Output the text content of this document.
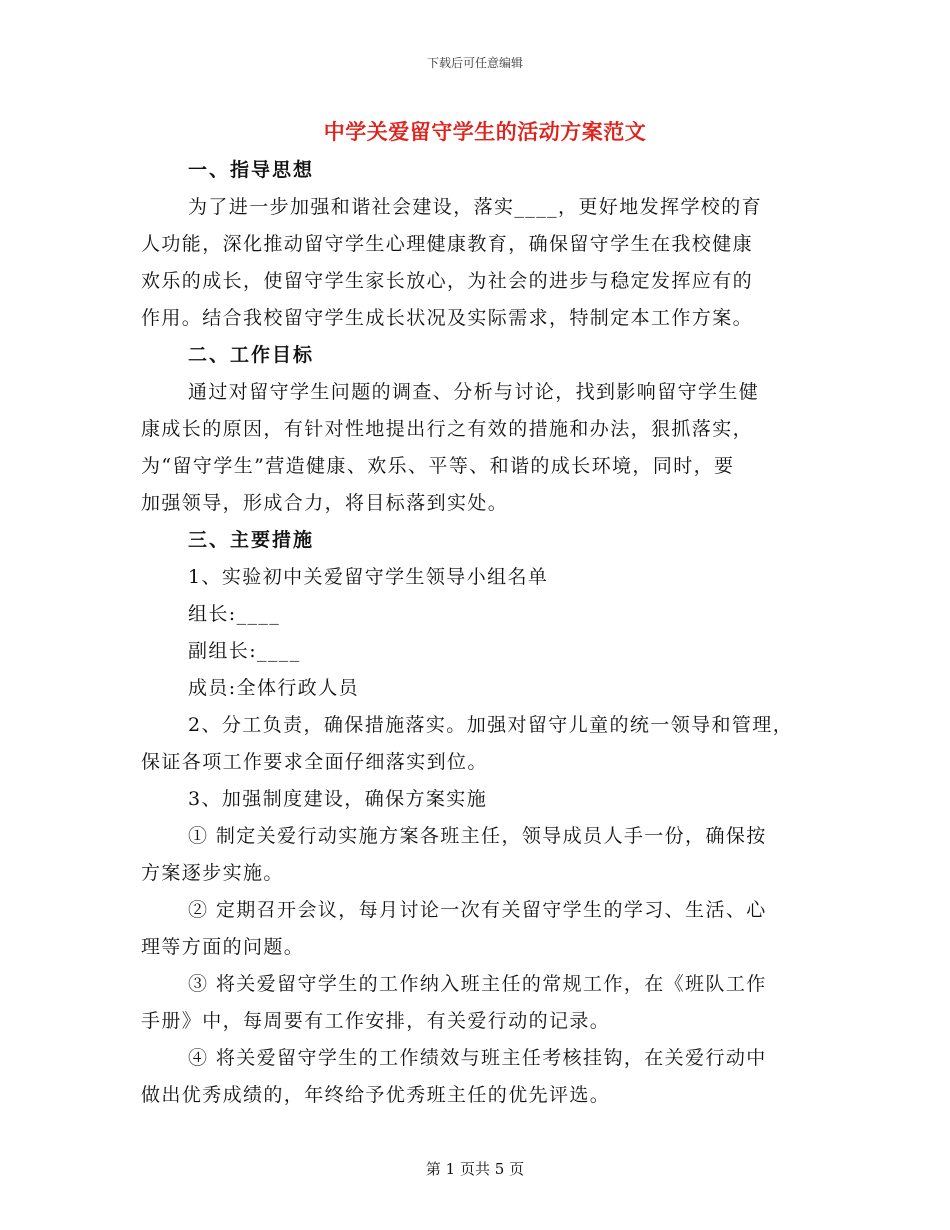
下载后可任意编辑
中学关爱留守学生的活动方案范文
一、指导思想
为了进一步加强和谐社会建设，落实____，更好地发挥学校的育
人功能，深化推动留守学生心理健康教育，确保留守学生在我校健康
欢乐的成长，使留守学生家长放心，为社会的进步与稳定发挥应有的
作用。结合我校留守学生成长状况及实际需求，特制定本工作方案。
二、工作目标
通过对留守学生问题的调查、分析与讨论，找到影响留守学生健
康成长的原因，有针对性地提出行之有效的措施和办法，狠抓落实，
为“留守学生”营造健康、欢乐、平等、和谐的成长环境，同时，要
加强领导，形成合力，将目标落到实处。
三、主要措施
1、实验初中关爱留守学生领导小组名单
组长:____
副组长:____
成员:全体行政人员
2、分工负责，确保措施落实。加强对留守儿童的统一领导和管理，
保证各项工作要求全面仔细落实到位。
3、加强制度建设，确保方案实施
① 制定关爱行动实施方案各班主任，领导成员人手一份，确保按
方案逐步实施。
② 定期召开会议，每月讨论一次有关留守学生的学习、生活、心
理等方面的问题。
③ 将关爱留守学生的工作纳入班主任的常规工作，在《班队工作
手册》中，每周要有工作安排，有关爱行动的记录。
④ 将关爱留守学生的工作绩效与班主任考核挂钩，在关爱行动中
做出优秀成绩的，年终给予优秀班主任的优先评选。
第 1 页共 5 页
